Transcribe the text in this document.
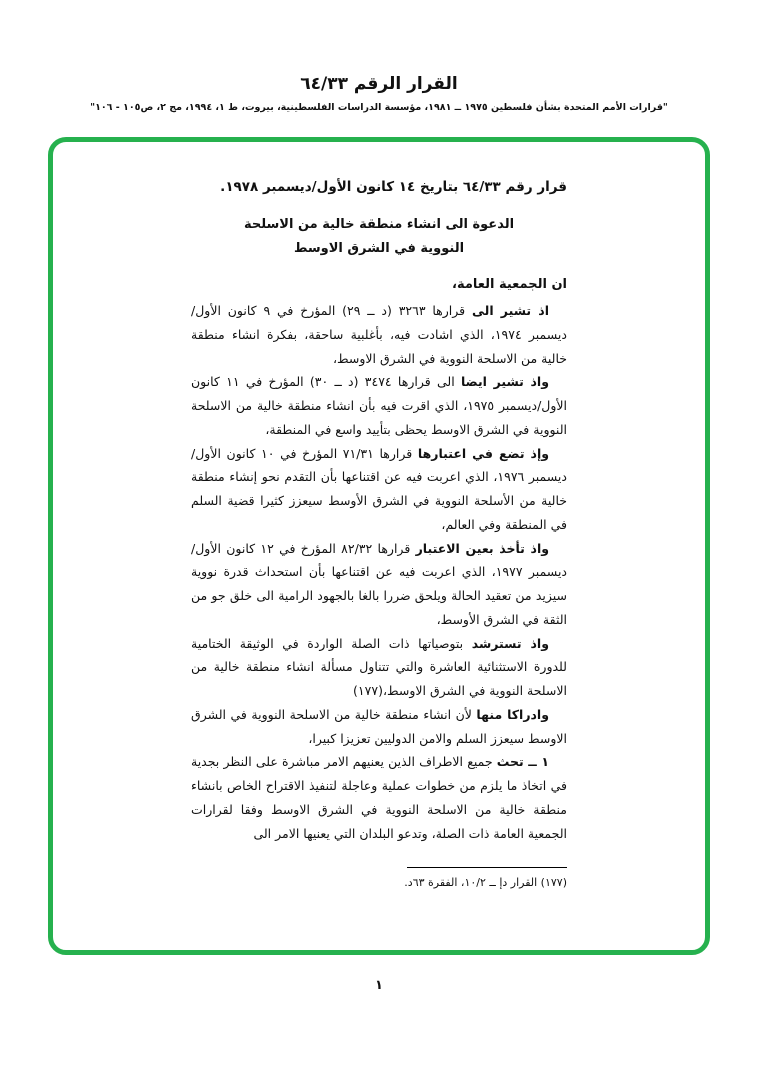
القرار الرقم ٦٤/٣٣
"قرارات الأمم المتحدة بشأن فلسطين ١٩٧٥ ــ ١٩٨١، مؤسسة الدراسات الفلسطينية، بيروت، ط ١، ١٩٩٤، مج ٢، ص١٠٥ - ١٠٦"

قرار رقم ٦٤/٣٣ بتاريخ ١٤ كانون الأول/ديسمبر ١٩٧٨.

الدعوة الى انشاء منطقة خالية من الاسلحة
النووية في الشرق الاوسط

ان الجمعية العامة،

اذ تشير الى قرارها ٣٢٦٣ (د ــ ٢٩) المؤرخ في ٩ كانون الأول/ ديسمبر ١٩٧٤، الذي اشادت فيه، بأغلبية ساحقة، بفكرة انشاء منطقة خالية من الاسلحة النووية في الشرق الاوسط،

واذ تشير ايضا الى قرارها ٣٤٧٤ (د ــ ٣٠) المؤرخ في ١١ كانون الأول/ديسمبر ١٩٧٥، الذي اقرت فيه بأن انشاء منطقة خالية من الاسلحة النووية في الشرق الاوسط يحظى بتأييد واسع في المنطقة،

وإذ تضع في اعتبارها قرارها ٧١/٣١ المؤرخ في ١٠ كانون الأول/ ديسمبر ١٩٧٦، الذي اعربت فيه عن اقتناعها بأن التقدم نحو إنشاء منطقة خالية من الأسلحة النووية في الشرق الأوسط سيعزز كثيرا قضية السلم في المنطقة وفي العالم،

واذ تأخذ بعين الاعتبار قرارها ٨٢/٣٢ المؤرخ في ١٢ كانون الأول/ ديسمبر ١٩٧٧، الذي اعربت فيه عن اقتناعها بأن استحداث قدرة نووية سيزيد من تعقيد الحالة ويلحق ضررا بالغا بالجهود الرامية الى خلق جو من الثقة في الشرق الأوسط،

واذ تسترشد بتوصياتها ذات الصلة الواردة في الوثيقة الختامية للدورة الاستثنائية العاشرة والتي تتناول مسألة انشاء منطقة خالية من الاسلحة النووية في الشرق الاوسط،(١٧٧)

وادراكا منها لأن انشاء منطقة خالية من الاسلحة النووية في الشرق الاوسط سيعزز السلم والامن الدوليين تعزيزا كبيرا،

١ ــ تحث جميع الاطراف الذين يعنيهم الامر مباشرة على النظر بجدية في اتخاذ ما يلزم من خطوات عملية وعاجلة لتنفيذ الاقتراح الخاص بانشاء منطقة خالية من الاسلحة النووية في الشرق الاوسط وفقا لقرارات الجمعية العامة ذات الصلة، وتدعو البلدان التي يعنيها الامر الى

(١٧٧) القرار دإ ــ ١٠/٢، الفقرة ٦٣د.
١
